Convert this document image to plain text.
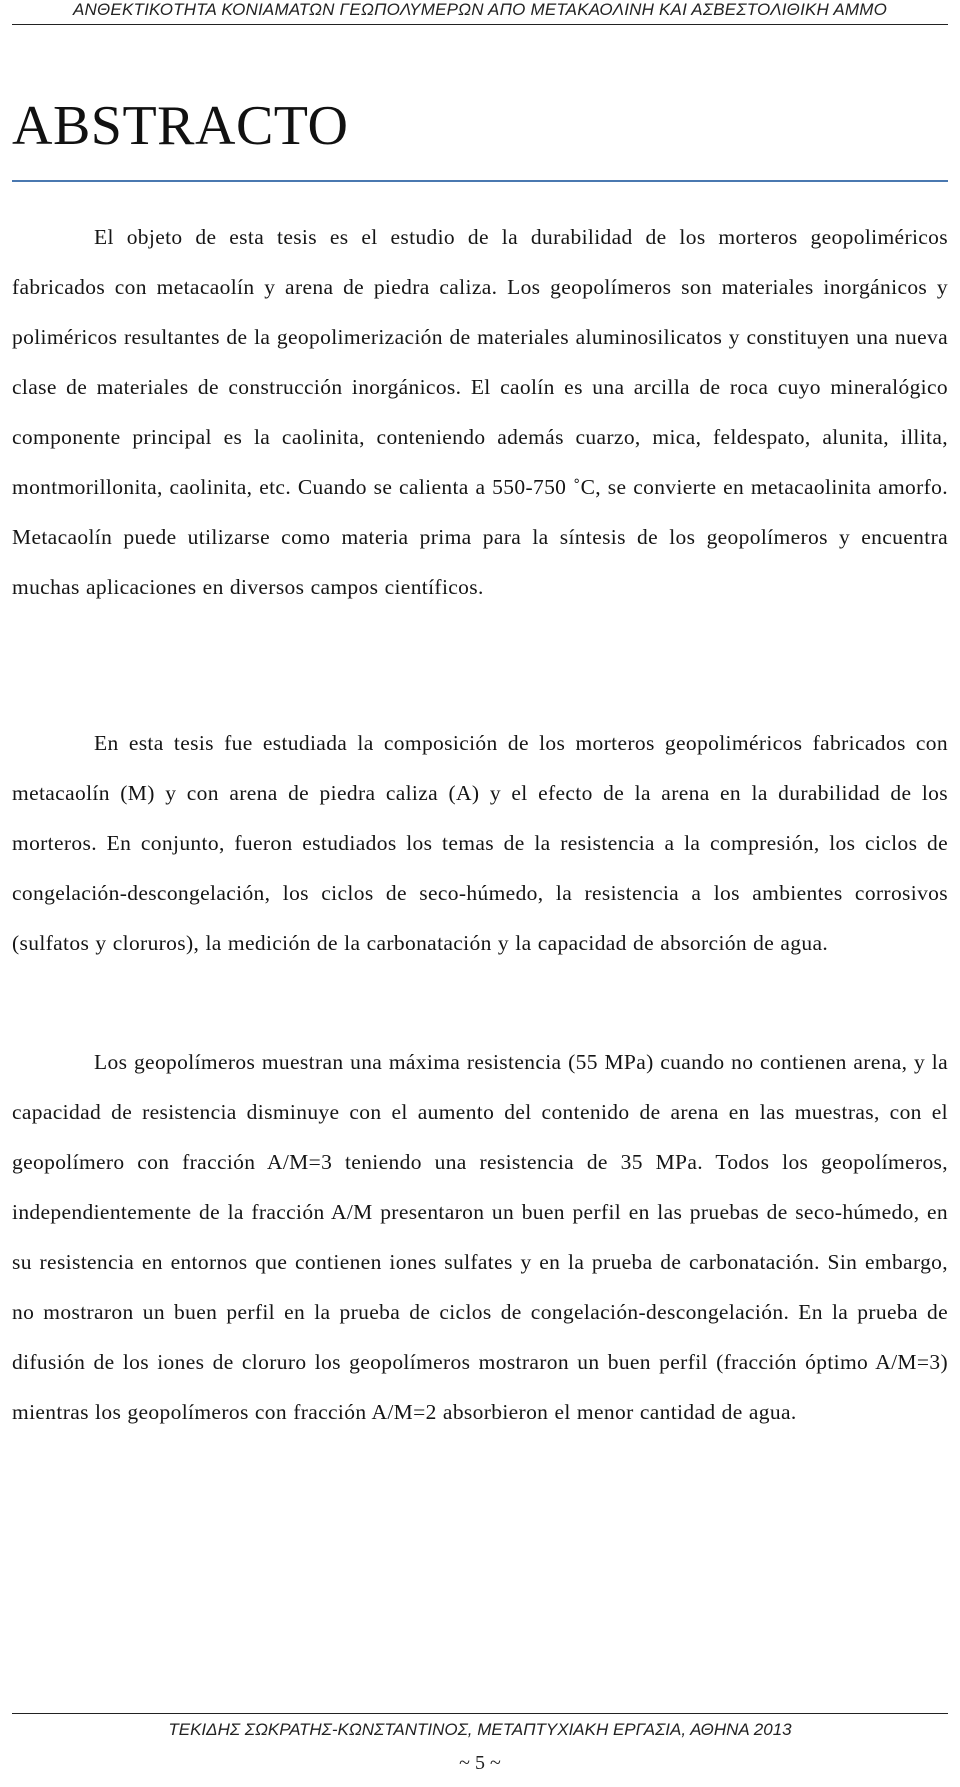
ΑΝΘΕΚΤΙΚΟΤΗΤΑ ΚΟΝΙΑΜΑΤΩΝ ΓΕΩΠΟΛΥΜΕΡΩΝ ΑΠΟ ΜΕΤΑΚΑΟΛΙΝΗ ΚΑΙ ΑΣΒΕΣΤΟΛΙΘΙΚΗ ΑΜΜΟ
ABSTRACTO

El objeto de esta tesis es el estudio de la durabilidad de los morteros geopoliméricos fabricados con metacaolín y arena de piedra caliza. Los geopolímeros son materiales inorgánicos y poliméricos resultantes de la geopolimerización de materiales aluminosilicatos y constituyen una nueva clase de materiales de construcción inorgánicos. El caolín es una arcilla de roca cuyo mineralógico componente principal es la caolinita, conteniendo además cuarzo, mica, feldespato, alunita, illita, montmorillonita, caolinita, etc. Cuando se calienta a 550-750 ˚C, se convierte en metacaolinita amorfo. Metacaolín puede utilizarse como materia prima para la síntesis de los geopolímeros y encuentra muchas aplicaciones en diversos campos científicos.

En esta tesis fue estudiada la composición de los morteros geopoliméricos fabricados con metacaolín (M) y con arena de piedra caliza (A) y el efecto de la arena en la durabilidad de los morteros. En conjunto, fueron estudiados los temas de la resistencia a la compresión, los ciclos de congelación-descongelación, los ciclos de seco-húmedo, la resistencia a los ambientes corrosivos (sulfatos y cloruros), la medición de la carbonatación y la capacidad de absorción de agua.

Los geopolímeros muestran una máxima resistencia (55 MPa) cuando no contienen arena, y la capacidad de resistencia disminuye con el aumento del contenido de arena en las muestras, con el geopolímero con fracción A/M=3 teniendo una resistencia de 35 MPa. Todos los geopolímeros, independientemente de la fracción A/M presentaron un buen perfil en las pruebas de seco-húmedo, en su resistencia en entornos que contienen iones sulfates y en la prueba de carbonatación. Sin embargo, no mostraron un buen perfil en la prueba de ciclos de congelación-descongelación. En la prueba de difusión de los iones de cloruro los geopolímeros mostraron un buen perfil (fracción óptimo A/M=3) mientras los geopolímeros con fracción A/M=2 absorbieron el menor cantidad de agua.

ΤΕΚΙΔΗΣ ΣΩΚΡΑΤΗΣ-ΚΩΝΣΤΑΝΤΙΝΟΣ, ΜΕΤΑΠΤΥΧΙΑΚΗ ΕΡΓΑΣΙΑ, ΑΘΗΝΑ 2013
~ 5 ~
